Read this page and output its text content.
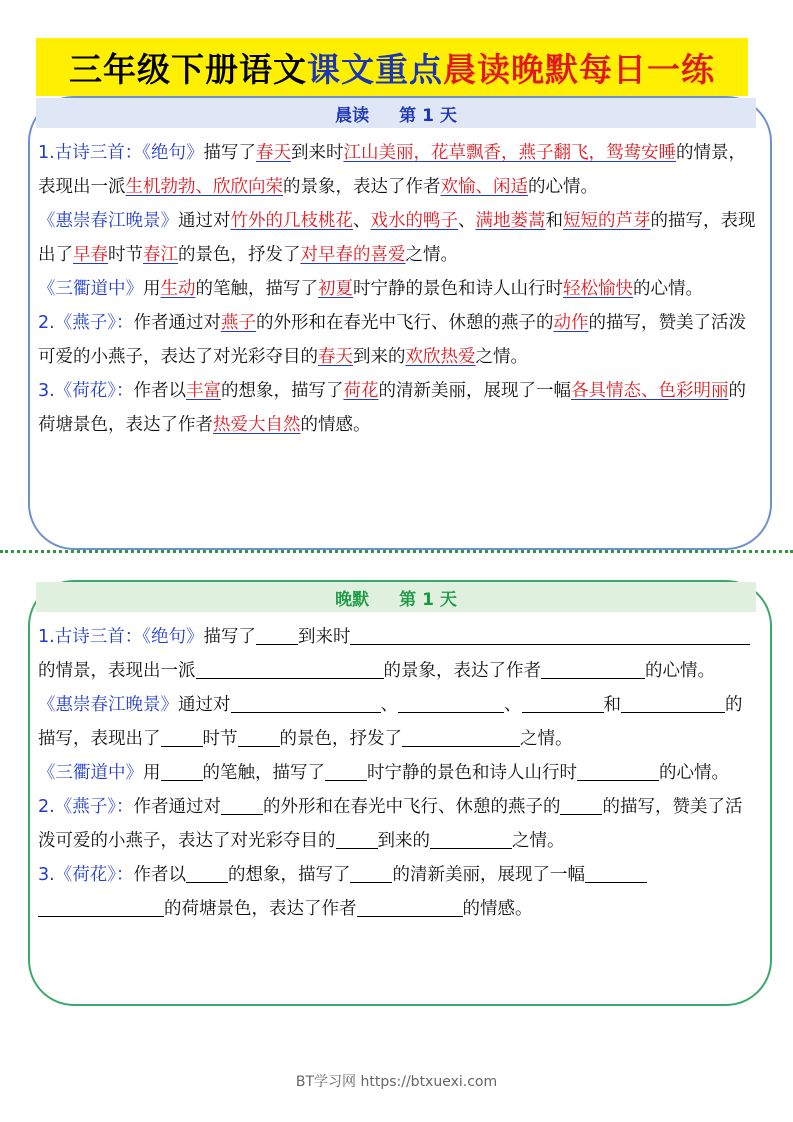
三年级下册语文课文重点晨读晚默每日一练
晨读 第 1 天

1.古诗三首：《绝句》描写了春天到来时江山美丽，花草飘香，燕子翻飞，鸳鸯安睡的情景，表现出一派生机勃勃、欣欣向荣的景象，表达了作者欢愉、闲适的心情。

《惠崇春江晚景》通过对竹外的几枝桃花、戏水的鸭子、满地蒌蒿和短短的芦芽的描写，表现出了早春时节春江的景色，抒发了对早春的喜爱之情。

《三衢道中》用生动的笔触，描写了初夏时宁静的景色和诗人山行时轻松愉快的心情。

2.《燕子》：作者通过对燕子的外形和在春光中飞行、休憩的燕子的动作的描写，赞美了活泼可爱的小燕子，表达了对光彩夺目的春天到来的欢欣热爱之情。

3.《荷花》：作者以丰富的想象，描写了荷花的清新美丽，展现了一幅各具情态、色彩明丽的荷塘景色，表达了作者热爱大自然的情感。

晚默 第 1 天

1.古诗三首：《绝句》描写了 到来时的情景，表现出一派	的景象，表达了作者	的心情。

《惠崇春江晚景》通过对	、	、	和	的描写，表现出了 时节 的景色，抒发了	之情。

《三衢道中》用 的笔触，描写了 时宁静的景色和诗人山行时	的心情。

2.《燕子》：作者通过对 的外形和在春光中飞行、休憩的燕子的 的描写，赞美了活泼可爱的小燕子，表达了对光彩夺目的 到来的	之情。

3.《荷花》：作者以 的想象，描写了 的清新美丽，展现了一幅的荷塘景色，表达了作者	的情感。

BT学习网 https://btxuexi.com
